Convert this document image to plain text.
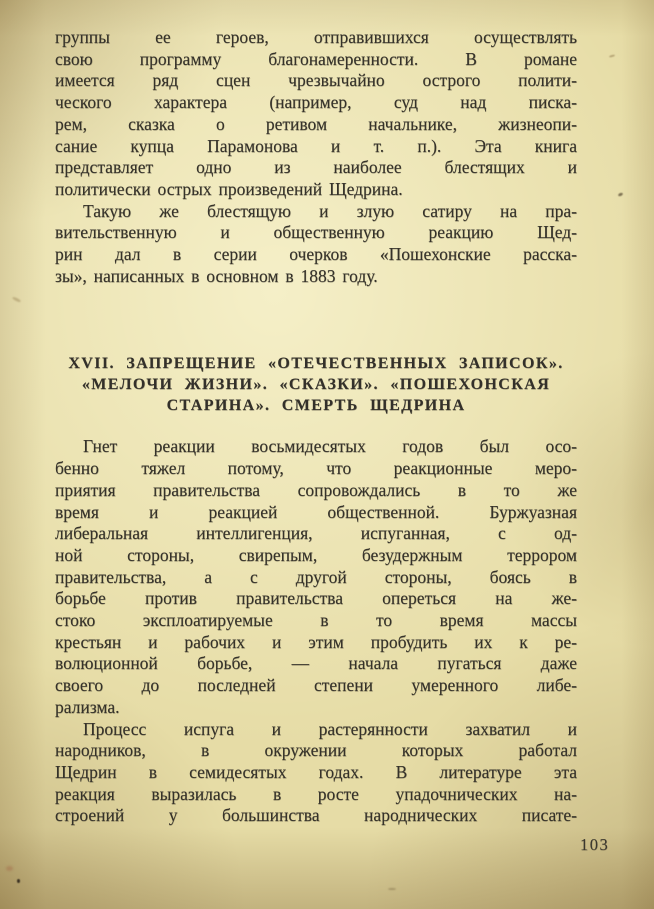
группы ее героев, отправившихся осуществлять
свою программу благонамеренности. В романе
имеется ряд сцен чрезвычайно острого полити-
ческого характера (например, суд над писка-
рем, сказка о ретивом начальнике, жизнеопи-
сание купца Парамонова и т. п.). Эта книга
представляет одно из наиболее блестящих и
политически острых произведений Щедрина.
Такую же блестящую и злую сатиру на пра-
вительственную и общественную реакцию Щед-
рин дал в серии очерков «Пошехонские расска-
зы», написанных в основном в 1883 году.
XVII. ЗАПРЕЩЕНИЕ «ОТЕЧЕСТВЕННЫХ ЗАПИСОК».
«МЕЛОЧИ ЖИЗНИ». «СКАЗКИ». «ПОШЕХОНСКАЯ
СТАРИНА». СМЕРТЬ ЩЕДРИНА
Гнет реакции восьмидесятых годов был осо-
бенно тяжел потому, что реакционные меро-
приятия правительства сопровождались в то же
время и реакцией общественной. Буржуазная
либеральная интеллигенция, испуганная, с од-
ной стороны, свирепым, безудержным террором
правительства, а с другой стороны, боясь в
борьбе против правительства опереться на же-
стоко эксплоатируемые в то время массы
крестьян и рабочих и этим пробудить их к ре-
волюционной борьбе, — начала пугаться даже
своего до последней степени умеренного либе-
рализма.
Процесс испуга и растерянности захватил и
народников, в окружении которых работал
Щедрин в семидесятых годах. В литературе эта
реакция выразилась в росте упадочнических на-
строений у большинства народнических писате-
103
